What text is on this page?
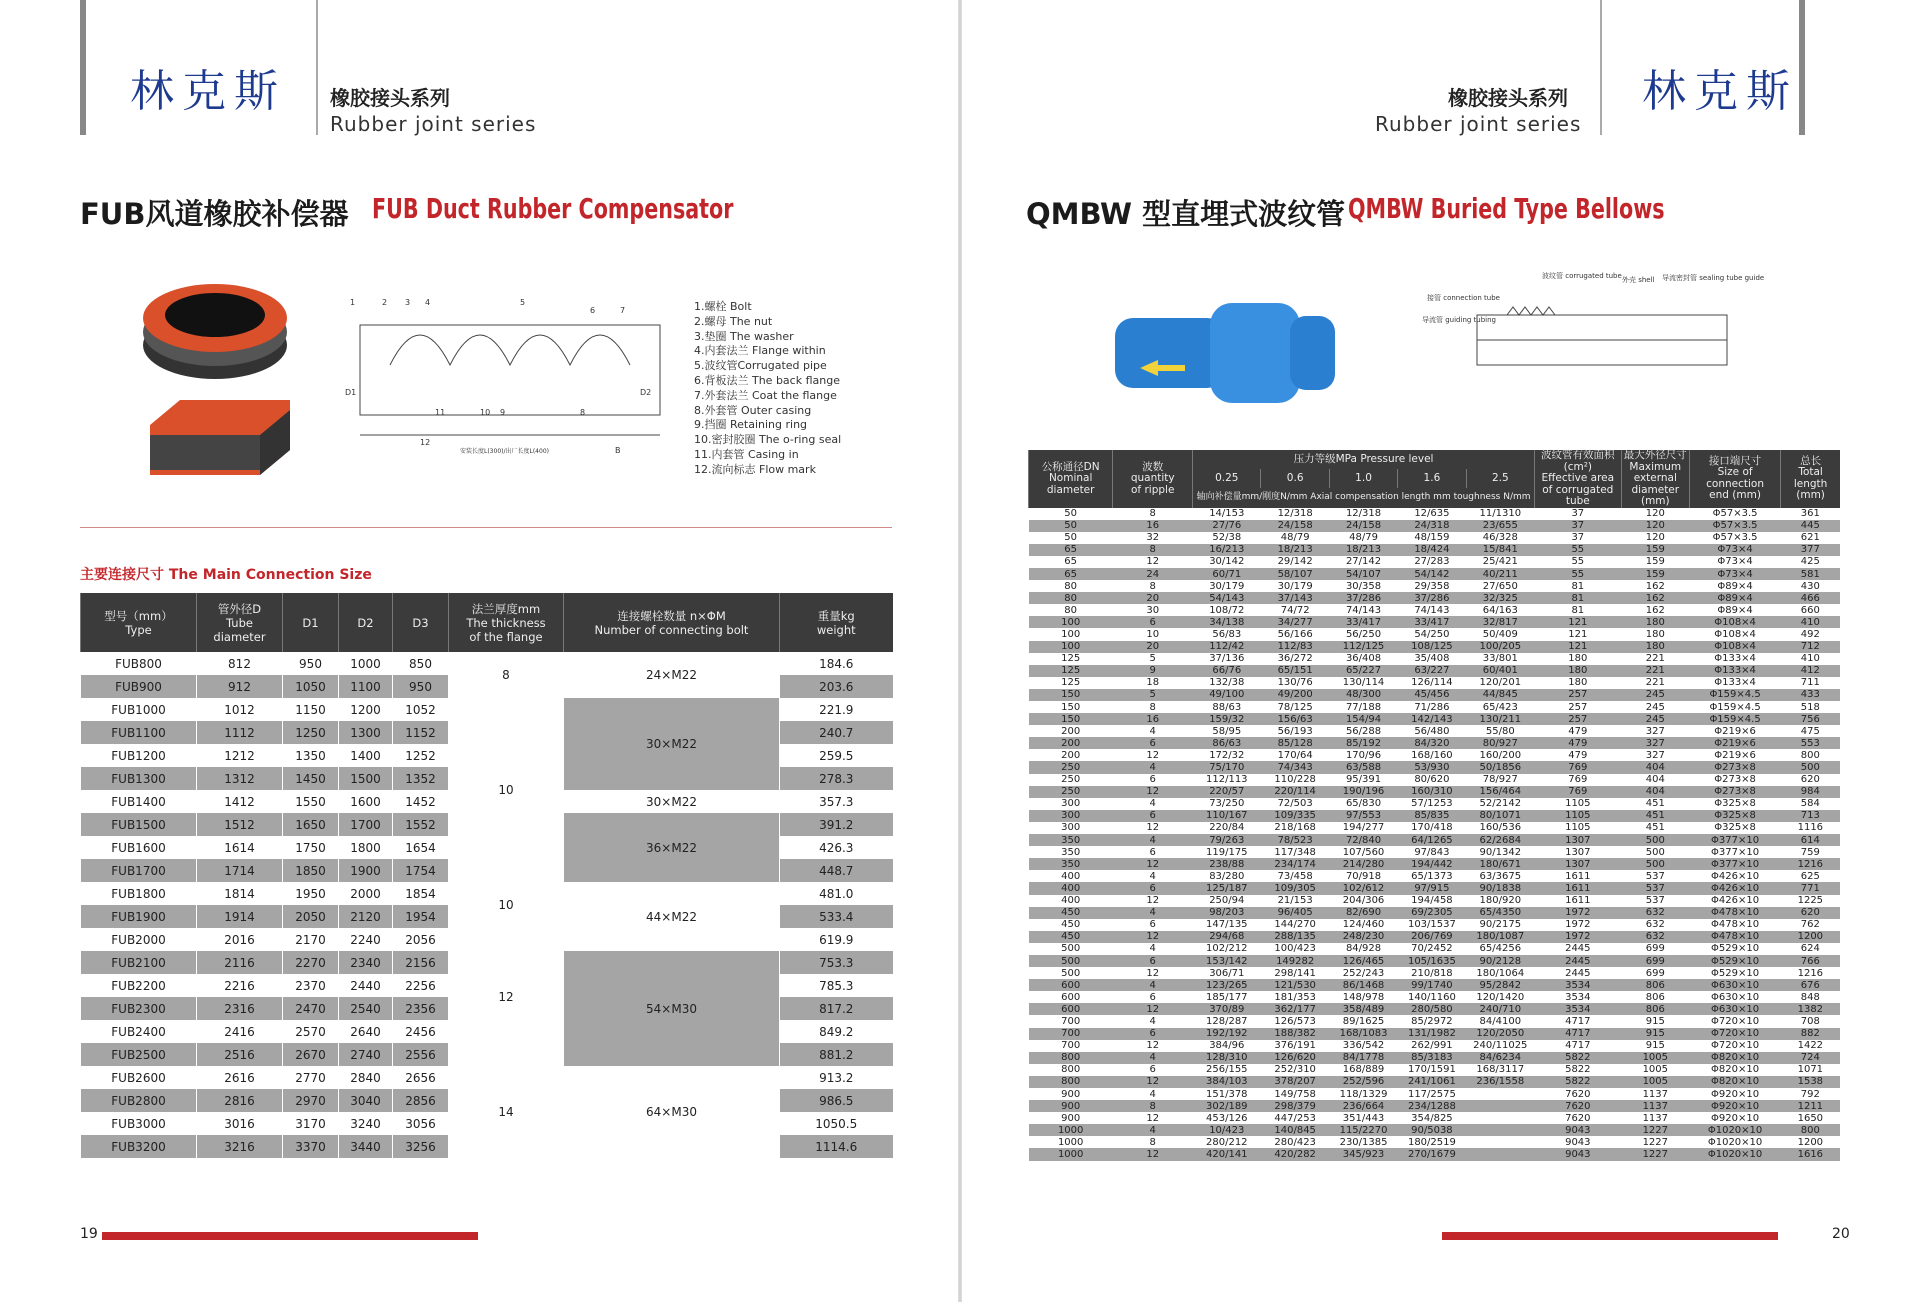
林克斯 橡胶接头系列
Rubber joint series
FUB风道橡胶补偿器 FUB Duct Rubber Compensator
1	2 3 4	5
6	7
D1	D2
12
11	10 9	8
B
安装长度L(300)/出厂长度L(400)
1.螺栓 Bolt
2.螺母 The nut
3.垫圈 The washer
4.内套法兰 Flange within
5.波纹管Corrugated pipe
6.背板法兰 The back flange
7.外套法兰 Coat the flange
8.外套管 Outer casing
9.挡圈 Retaining ring
10.密封胶圈 The o-ring seal
11.内套管 Casing in
12.流向标志 Flow mark
主要连接尺寸 The Main Connection Size
型号（mm）
Type	管外径D
Tube diameter	D1	D2	D3	法兰厚度mm
The thickness
of the flange	连接螺栓数量 n×ΦM
Number of connecting bolt	重量kg
weight
FUB800	812	950	1000	850	8	24×M22	184.6
FUB900	912	1050	1100	950			203.6
FUB1000	1012	1150	1200	1052	10	30×M22	221.9
FUB1100	1112	1250	1300	1152			240.7
FUB1200	1212	1350	1400	1252			259.5
FUB1300	1312	1450	1500	1352			278.3
FUB1400	1412	1550	1600	1452		30×M22	357.3
FUB1500	1512	1650	1700	1552		36×M22	391.2
FUB1600	1614	1750	1800	1654			426.3
FUB1700	1714	1850	1900	1754			448.7
FUB1800	1814	1950	2000	1854	10	44×M22	481.0
FUB1900	1914	2050	2120	1954			533.4
FUB2000	2016	2170	2240	2056	12		619.9
FUB2100	2116	2270	2340	2156		54×M30	753.3
FUB2200	2216	2370	2440	2256			785.3
FUB2300	2316	2470	2540	2356			817.2
FUB2400	2416	2570	2640	2456			849.2
FUB2500	2516	2670	2740	2556			881.2
FUB2600	2616	2770	2840	2656	14	64×M30	913.2
FUB2800	2816	2970	3040	2856			986.5
FUB3000	3016	3170	3240	3056			1050.5
FUB3200	3216	3370	3440	3256			1114.6
19
林克斯
橡胶接头系列
Rubber joint series
QMBW 型直埋式波纹管 QMBW Buried Type Bellows
波纹管 corrugated tube 外壳 shell 导流密封管 sealing tube guide
接管 connection tube
导流管 guiding tubing
公称通径DN
Nominal
diameter	波数
quantity
of ripple	压力等级MPa Pressure level					波纹管有效面积(cm²)
Effective area
of corrugated
tube	最大外径尺寸
Maximum
external
diameter
(mm)	接口端尺寸
Size of
connection
end (mm)	总长
Total length
(mm)
		0.25	0.6	1.0	1.6	2.5				
		轴向补偿量mm/刚度N/mm Axial compensation length mm toughness N/mm								
50	8	14/153	12/318	12/318	12/635	11/1310	37	120	Φ57×3.5	361
50	16	27/76	24/158	24/158	24/318	23/655	37	120	Φ57×3.5	445
50	32	52/38	48/79	48/79	48/159	46/328	37	120	Φ57×3.5	621
65	8	16/213	18/213	18/213	18/424	15/841	55	159	Φ73×4	377
65	12	30/142	29/142	27/142	27/283	25/421	55	159	Φ73×4	425
65	24	60/71	58/107	54/107	54/142	40/211	55	159	Φ73×4	581
80	8	30/179	30/179	30/358	29/358	27/650	81	162	Φ89×4	430
80	20	54/143	37/143	37/286	37/286	32/325	81	162	Φ89×4	466
80	30	108/72	74/72	74/143	74/143	64/163	81	162	Φ89×4	660
100	6	34/138	34/277	33/417	33/417	32/817	121	180	Φ108×4	410
100	10	56/83	56/166	56/250	54/250	50/409	121	180	Φ108×4	492
100	20	112/42	112/83	112/125	108/125	100/205	121	180	Φ108×4	712
125	5	37/136	36/272	36/408	35/408	33/801	180	221	Φ133×4	410
125	9	66/76	65/151	65/227	63/227	60/401	180	221	Φ133×4	412
125	18	132/38	130/76	130/114	126/114	120/201	180	221	Φ133×4	711
150	5	49/100	49/200	48/300	45/456	44/845	257	245	Φ159×4.5	433
150	8	88/63	78/125	77/188	71/286	65/423	257	245	Φ159×4.5	518
150	16	159/32	156/63	154/94	142/143	130/211	257	245	Φ159×4.5	756
200	4	58/95	56/193	56/288	56/480	55/80	479	327	Φ219×6	475
200	6	86/63	85/128	85/192	84/320	80/927	479	327	Φ219×6	553
200	12	172/32	170/64	170/96	168/160	160/200	479	327	Φ219×6	800
250	4	75/170	74/343	63/588	53/930	50/1856	769	404	Φ273×8	500
250	6	112/113	110/228	95/391	80/620	78/927	769	404	Φ273×8	620
250	12	220/57	220/114	190/196	160/310	156/464	769	404	Φ273×8	984
300	4	73/250	72/503	65/830	57/1253	52/2142	1105	451	Φ325×8	584
300	6	110/167	109/335	97/553	85/835	80/1071	1105	451	Φ325×8	713
300	12	220/84	218/168	194/277	170/418	160/536	1105	451	Φ325×8	1116
350	4	79/263	78/523	72/840	64/1265	62/2684	1307	500	Φ377×10	614
350	6	119/175	117/348	107/560	97/843	90/1342	1307	500	Φ377×10	759
350	12	238/88	234/174	214/280	194/442	180/671	1307	500	Φ377×10	1216
400	4	83/280	73/458	70/918	65/1373	63/3675	1611	537	Φ426×10	625
400	6	125/187	109/305	102/612	97/915	90/1838	1611	537	Φ426×10	771
400	12	250/94	21/153	204/306	194/458	180/920	1611	537	Φ426×10	1225
450	4	98/203	96/405	82/690	69/2305	65/4350	1972	632	Φ478×10	620
450	6	147/135	144/270	124/460	103/1537	90/2175	1972	632	Φ478×10	762
450	12	294/68	288/135	248/230	206/769	180/1087	1972	632	Φ478×10	1200
500	4	102/212	100/423	84/928	70/2452	65/4256	2445	699	Φ529×10	624
500	6	153/142	149282	126/465	105/1635	90/2128	2445	699	Φ529×10	766
500	12	306/71	298/141	252/243	210/818	180/1064	2445	699	Φ529×10	1216
600	4	123/265	121/530	86/1468	99/1740	95/2842	3534	806	Φ630×10	676
600	6	185/177	181/353	148/978	140/1160	120/1420	3534	806	Φ630×10	848
600	12	370/89	362/177	358/489	280/580	240/710	3534	806	Φ630×10	1382
700	4	128/287	126/573	89/1625	85/2972	84/4100	4717	915	Φ720×10	708
700	6	192/192	188/382	168/1083	131/1982	120/2050	4717	915	Φ720×10	882
700	12	384/96	376/191	336/542	262/991	240/11025	4717	915	Φ720×10	1422
800	4	128/310	126/620	84/1778	85/3183	84/6234	5822	1005	Φ820×10	724
800	6	256/155	252/310	168/889	170/1591	168/3117	5822	1005	Φ820×10	1071
800	12	384/103	378/207	252/596	241/1061	236/1558	5822	1005	Φ820×10	1538
900	4	151/378	149/758	118/1329	117/2575		7620	1137	Φ920×10	792
900	8	302/189	298/379	236/664	234/1288		7620	1137	Φ920×10	1211
900	12	453/126	447/253	351/443	354/825		7620	1137	Φ920×10	1650
1000	4	10/423	140/845	115/2270	90/5038		9043	1227	Φ1020×10	800
1000	8	280/212	280/423	230/1385	180/2519		9043	1227	Φ1020×10	1200
1000	12	420/141	420/282	345/923	270/1679		9043	1227	Φ1020×10	1616
20
